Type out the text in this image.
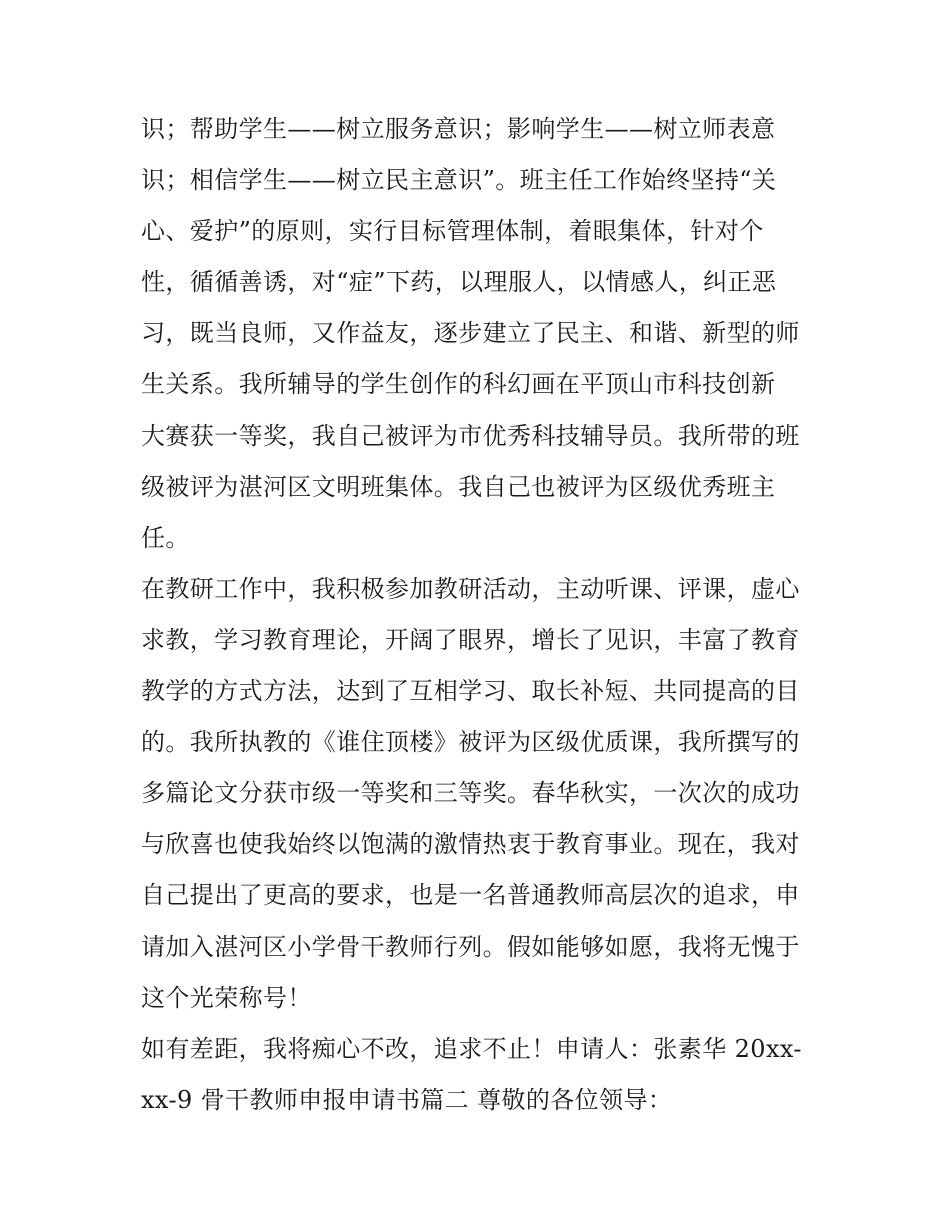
识；帮助学生——树立服务意识；影响学生——树立师表意
识；相信学生——树立民主意识”。班主任工作始终坚持“关
心、爱护”的原则，实行目标管理体制，着眼集体，针对个
性，循循善诱，对“症”下药，以理服人，以情感人，纠正恶
习，既当良师，又作益友，逐步建立了民主、和谐、新型的师
生关系。我所辅导的学生创作的科幻画在平顶山市科技创新
大赛获一等奖，我自己被评为市优秀科技辅导员。我所带的班
级被评为湛河区文明班集体。我自己也被评为区级优秀班主
任。
在教研工作中，我积极参加教研活动，主动听课、评课，虚心
求教，学习教育理论，开阔了眼界，增长了见识，丰富了教育
教学的方式方法，达到了互相学习、取长补短、共同提高的目
的。我所执教的《谁住顶楼》被评为区级优质课，我所撰写的
多篇论文分获市级一等奖和三等奖。春华秋实，一次次的成功
与欣喜也使我始终以饱满的激情热衷于教育事业。现在，我对
自己提出了更高的要求，也是一名普通教师高层次的追求，申
请加入湛河区小学骨干教师行列。假如能够如愿，我将无愧于
这个光荣称号！
如有差距，我将痴心不改，追求不止！申请人：张素华 20xx-
xx-9 骨干教师申报申请书篇二 尊敬的各位领导：
